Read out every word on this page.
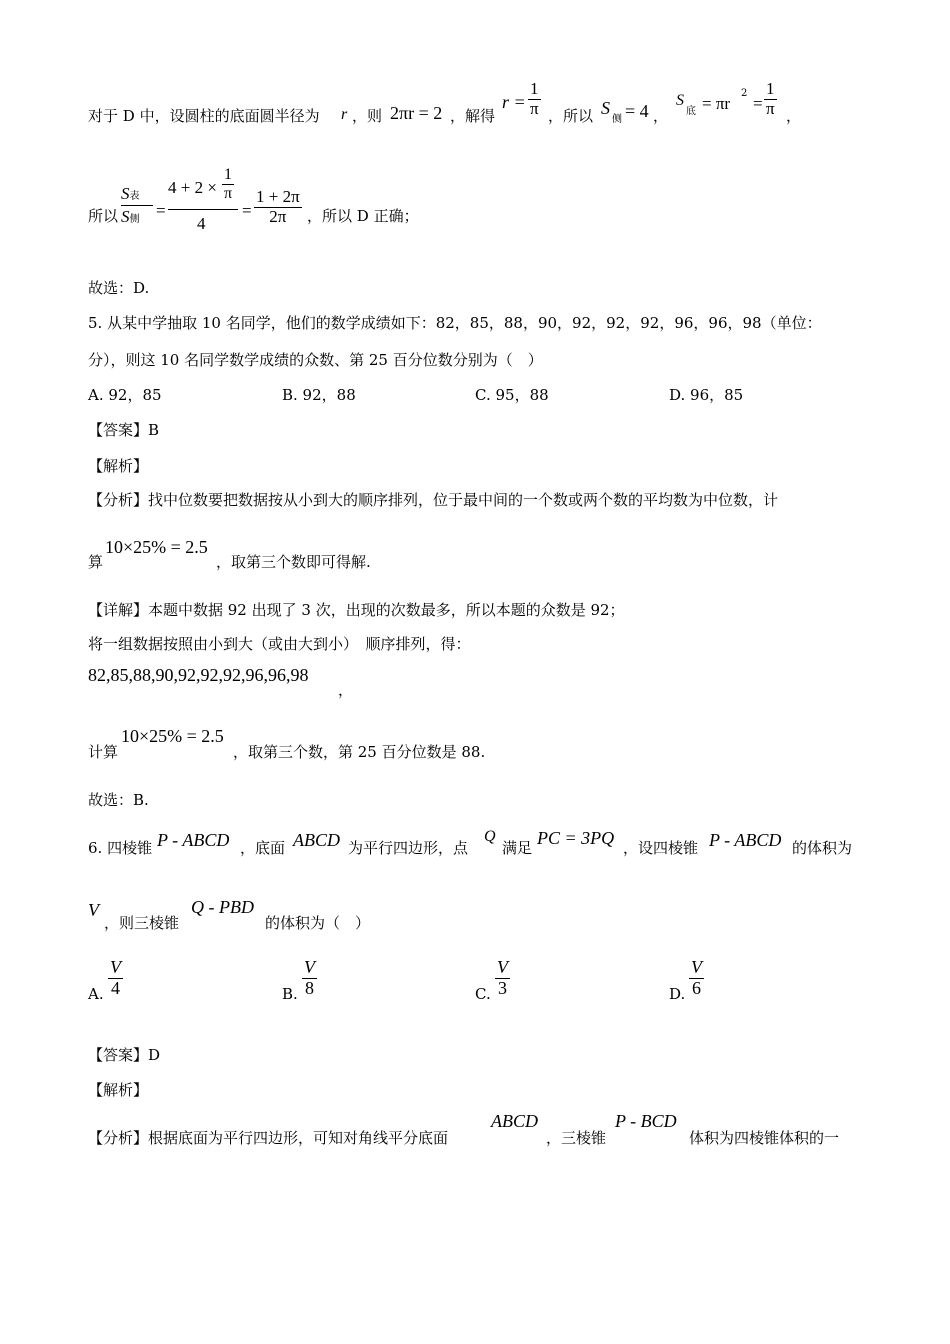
对于 D 中，设圆柱的底面圆半径为 r ，则 2πr = 2 ，解得
r =
1
π ，所以 S
侧 = 4 ，
S
底 = πr
2
=
1
π ，
所以
S表
S侧 =
4 + 2 ×
1
π
4
=
1 + 2π
2π ，所以 D 正确；
故选：D.
5. 从某中学抽取 10 名同学，他们的数学成绩如下：82，85，88，90，92，92，92，96，96，98（单位：
分），则这 10 名同学数学成绩的众数、第 25 百分位数分别为（　）
A. 92，85	B. 92，88	C. 95，88	D. 96，85
【答案】B
【解析】
【分析】找中位数要把数据按从小到大的顺序排列，位于最中间的一个数或两个数的平均数为中位数，计
算
10×25% = 2.5
，取第三个数即可得解.
【详解】本题中数据 92 出现了 3 次，出现的次数最多，所以本题的众数是 92；
将一组数据按照由小到大（或由大到小）　顺序排列，得：
82,85,88,90,92,92,92,96,96,98
，
计算
10×25% = 2.5
，取第三个数，第 25 百分位数是 88.
故选：B.
6. 四棱锥 P - ABCD ，底面 ABCD 为平行四边形，点
Q
满足 PC = 3PQ ，设四棱锥 P - ABCD 的体积为
V
，则三棱锥
Q - PBD
的体积为（　）
A.
V
4	B.
V
8	C.
V
3	D.
V
6
【答案】D
【解析】
【分析】根据底面为平行四边形，可知对角线平分底面
ABCD
，三棱锥
P - BCD
体积为四棱锥体积的一
